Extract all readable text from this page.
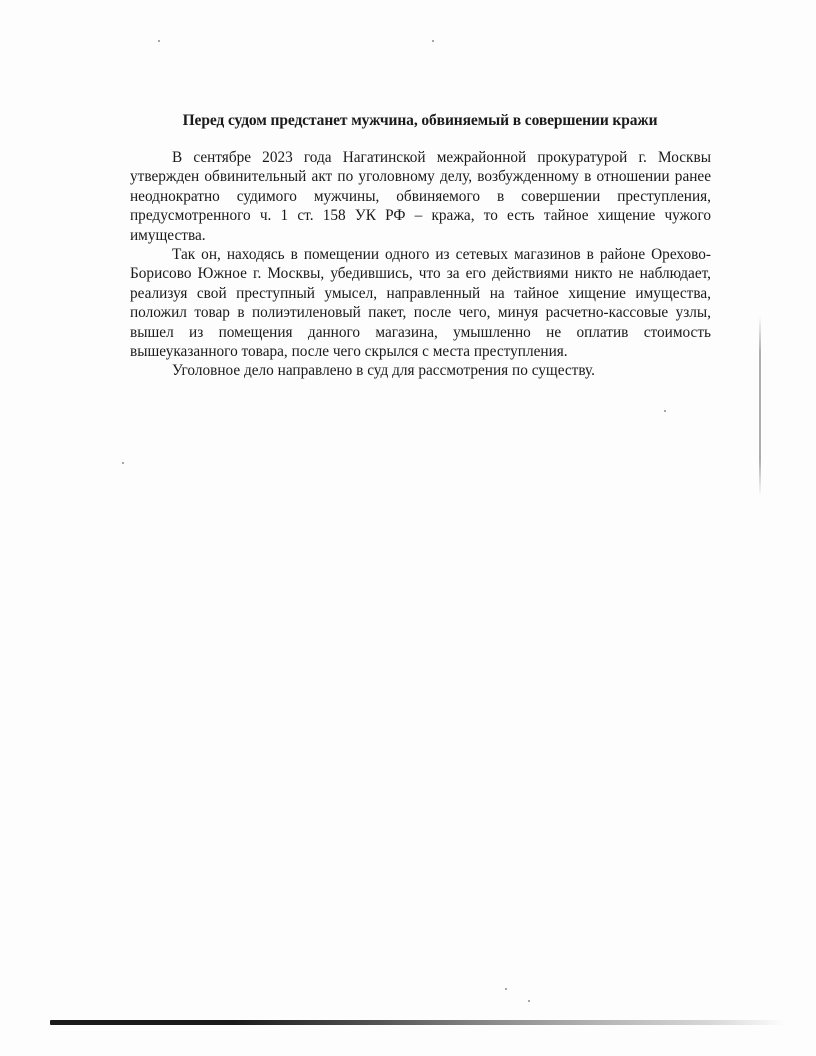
Перед судом предстанет мужчина, обвиняемый в совершении кражи

В сентябре 2023 года Нагатинской межрайонной прокуратурой г. Москвы утвержден обвинительный акт по уголовному делу, возбужденному в отношении ранее неоднократно судимого мужчины, обвиняемого в совершении преступления, предусмотренного ч. 1 ст. 158 УК РФ – кража, то есть тайное хищение чужого имущества.

Так он, находясь в помещении одного из сетевых магазинов в районе Орехово-Борисово Южное г. Москвы, убедившись, что за его действиями никто не наблюдает, реализуя свой преступный умысел, направленный на тайное хищение имущества, положил товар в полиэтиленовый пакет, после чего, минуя расчетно-кассовые узлы, вышел из помещения данного магазина, умышленно не оплатив стоимость вышеуказанного товара, после чего скрылся с места преступления.

Уголовное дело направлено в суд для рассмотрения по существу.
